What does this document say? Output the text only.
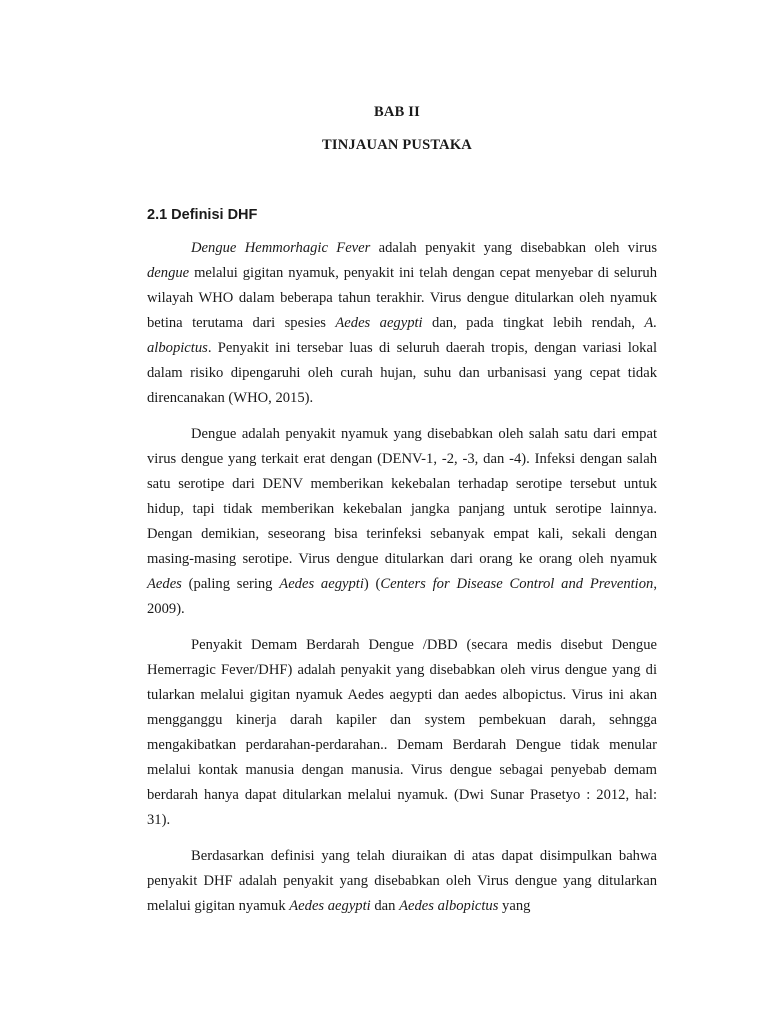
BAB II
TINJAUAN PUSTAKA
2.1 Definisi DHF

Dengue Hemmorhagic Fever adalah penyakit yang disebabkan oleh virus dengue melalui gigitan nyamuk, penyakit ini telah dengan cepat menyebar di seluruh wilayah WHO dalam beberapa tahun terakhir. Virus dengue ditularkan oleh nyamuk betina terutama dari spesies Aedes aegypti dan, pada tingkat lebih rendah, A. albopictus. Penyakit ini tersebar luas di seluruh daerah tropis, dengan variasi lokal dalam risiko dipengaruhi oleh curah hujan, suhu dan urbanisasi yang cepat tidak direncanakan (WHO, 2015).

Dengue adalah penyakit nyamuk yang disebabkan oleh salah satu dari empat virus dengue yang terkait erat dengan (DENV-1, -2, -3, dan -4). Infeksi dengan salah satu serotipe dari DENV memberikan kekebalan terhadap serotipe tersebut untuk hidup, tapi tidak memberikan kekebalan jangka panjang untuk serotipe lainnya. Dengan demikian, seseorang bisa terinfeksi sebanyak empat kali, sekali dengan masing-masing serotipe. Virus dengue ditularkan dari orang ke orang oleh nyamuk Aedes (paling sering Aedes aegypti) (Centers for Disease Control and Prevention, 2009).

Penyakit Demam Berdarah Dengue /DBD (secara medis disebut Dengue Hemerragic Fever/DHF) adalah penyakit yang disebabkan oleh virus dengue yang di tularkan melalui gigitan nyamuk Aedes aegypti dan aedes albopictus. Virus ini akan mengganggu kinerja darah kapiler dan system pembekuan darah, sehngga mengakibatkan perdarahan-perdarahan.. Demam Berdarah Dengue tidak menular melalui kontak manusia dengan manusia. Virus dengue sebagai penyebab demam berdarah hanya dapat ditularkan melalui nyamuk. (Dwi Sunar Prasetyo : 2012, hal: 31).

Berdasarkan definisi yang telah diuraikan di atas dapat disimpulkan bahwa penyakit DHF adalah penyakit yang disebabkan oleh Virus dengue yang ditularkan melalui gigitan nyamuk Aedes aegypti dan Aedes albopictus yang
